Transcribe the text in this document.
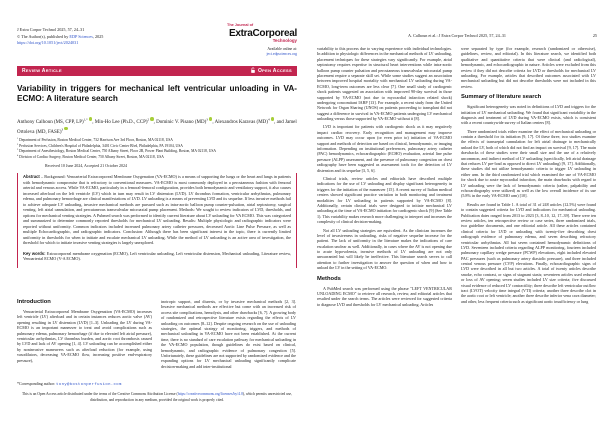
J Extra Corpor Technol 2025, 57, 24–31
© The Author(s), published by EDP Sciences, 2025
https://doi.org/10.1051/ject/2024031
The Journal of
ExtraCorporeal
Technology
Available online at:
ject.edpsciences.org
Review Article	Open Access
Variability in triggers for mechanical left ventricular unloading in VA-ECMO: A literature search
Anthony Calhoun (MS, CPP, LP)$^{1,*}$ , Min-Ho Lee (Ph.D., CCP)$^2$ , Dominic V. Pisano (MD)$^3$ , Alexandros Karavas (MD)$^4$ , and Jamel Ortoleva (MD, FASE)$^3$
$^1$ Department of Perfusion, Boston Medical Center, 732 Harrison Ave 3rd Floor, Boston, MA 02118, USA
$^2$ Perfusion Services, Children's Hospital of Philadelphia, 3401 Civic Center Blvd, Philadelphia, PA 19104, USA
$^3$ Department of Anesthesiology, Boston Medical Center, 750 Albany Street, Floor 2R, Power Plant Building, Boston, MA 02118, USA
$^4$ Division of Cardiac Surgery, Boston Medical Center, 750 Albany Street, Boston, MA 02118, USA
Received 10 June 2024, Accepted 21 October 2024

Abstract – Background: Venoarterial Extracorporeal Membrane Oxygenation (VA-ECMO) is a means of supporting the lungs or the heart and lungs in patients with hemodynamic compromise that is refractory to conventional measures. VA-ECMO is most commonly deployed in a percutaneous fashion with femoral arterial and venous access. While VA-ECMO, particularly in a femoral-femoral configuration, provides both hemodynamic and ventilatory support, it also causes increased afterload on the left ventricle (LV) which in turn may result in LV distension (LVD). LV thrombus formation, ventricular arrhythmias, pulmonary edema, and pulmonary hemorrhage are clinical manifestations of LVD. LV unloading is a means of preventing LVD and its sequelae. If less invasive methods fail to achieve adequate LV unloading, invasive mechanical methods are pursued such as intra-aortic balloon pump counter-pulsation, atrial septostomy, surgical venting, left atrial cannulation, and percutaneous transvalvular microaxial pump placement. Methods: We sought to review indicators of LVD, thresholds, and options for mechanical venting strategies. A Pubmed search was performed to identify current literature about LV unloading for VA ECMO. This was categorized and summarized to determine commonly reported thresholds for mechanical LV unloading. Results: Multiple physiologic and radiographic indicators were reported without uniformity. Common indicators included increased pulmonary artery catheter pressures, decreased Aortic Line Pulse Pressure, as well as multiple Echocardiographic, and radiographic indicators. Conclusion: Although there has been significant interest in the topic, there is currently limited uniformity in thresholds for when to initiate and escalate mechanical LV unloading. While the method of LV unloading is an active area of investigation, the threshold for which to initiate invasive venting strategies is largely unexplored.

Key words: Extracorporeal membrane oxygenation (ECMO), Left ventricular unloading, Left ventricular distension, Mechanical unloading, Literature review, Venoarterial ECMO (V-A ECMO).

Introduction

Venoarterial Extracorporeal Membrane Oxygenation (VA-ECMO) increases left ventricle (LV) afterload and in certain instances reduces aortic valve (AV) opening resulting in LV distension (LVD) [1–3]. Unloading the LV during VA-ECMO is an important maneuver to treat and avoid complications such as pulmonary edema, pulmonary hemorrhage (if due to elevated left atrial pressure), ventricular arrhythmias, LV thrombus burden, and aortic root thrombosis caused by LVD and lack of AV opening [1, 4]. LV unloading can be accomplished either by noninvasive maneuvers such as afterload reduction (for example, using vasodilators, decreasing VA-ECMO flow, increasing positive end-expiratory pressure),

inotropic support, and diuresis, or by invasive mechanical methods [2, 3]. Invasive mechanical methods are effective but come with an increased risk of access site complications, hemolysis, and other drawbacks [6, 7]. A growing body of randomized and retrospective literature exists regarding the effects of LV unloading on outcomes [8–12]. Despite ongoing research on the use of unloading strategies, the optimal strategy of monitoring, triggers, and methods of mechanical unloading in VA-ECMO have not been established. At the current time, there is no standard of care escalation pathway for mechanical unloading in the VA-ECMO population, though guidelines do exist based on clinical, hemodynamic, and radiographic evidence of pulmonary congestion [5]. Unfortunately, these guidelines are not supported by randomized evidence and the expanding options for LV mechanical unloading significantly complicate decision-making and add inter-institutional

*Corresponding author: tony@bostonperfusion.com
This is an Open Access article distributed under the terms of the Creative Commons Attribution License (https://creativecommons.org/licenses/by/4.0), which permits unrestricted use, distribution, and reproduction in any medium, provided the original work is properly cited.
A. Calhoun et al.: J Extra Corpor Technol 2025, 57, 24–31	25

variability to this process due to varying experience with individual technologies. In addition to physiologic differences in the mechanical methods of LV unloading, placement techniques for these strategies vary significantly. For example, atrial septostomy requires expertise in structural heart interventions while intra-aortic balloon pump counter pulsation and percutaneous transvalvular microaxial pump placement require a separate skill set. While some studies suggest an association between improved hospital mortality with mechanical LV unloading during VA-ECMO, long-term outcomes are less clear [7]. One small study of cardiogenic shock patients suggested an association with improved 90-day survival in those supported by VA-ECMO (not due to myocardial infarction related shock) undergoing concomitant IABP [13]. For example, a recent study from the United Network for Organ Sharing (UNOS) on patients proceeding to transplant did not suggest a difference in survival in VA-ECMO patients undergoing LV mechanical unloading versus those supported by VA-ECMO without it [8].

LVD is important for patients with cardiogenic shock as it may negatively impact cardiac recovery. Early recognition and management may improve outcomes. LVD may occur upon (or even prior to) initiation of VA-ECMO support and methods of detection are based on clinical, hemodynamic, or imaging information. Depending on institutional preferences, pulmonary artery catheter (PAC) hemodynamics, echocardiographic (ECHO) evaluation, arterial line pulse pressure (ALPP) assessment, and the presence of pulmonary congestion on chest radiography have been suggested as assessment tools for the detection of LV distension and its sequelae [3, 5, 6].

Clinical trials, review articles and editorials have described multiple indications for the use of LV unloading and display significant heterogeneity in triggers for the initiation of the maneuver [15]. A recent survey of Italian medical centers showed significant practice variation in both monitoring and treatment modalities for LV unloading in patients supported by VA-ECMO [8]. Additionally, certain clinical trials were designed to initiate mechanical LV unloading at the time of VA-ECMO initiation for cardiogenic shock [9] (See Table 1). This variability makes research more challenging to interpret and increases the complexity of clinical decision-making.

Not all LV unloading strategies are equivalent. As the clinician increases the level of invasiveness in unloading, risks of negative sequelae increase for the patient. The lack of uniformity in the literature makes the indications of care escalation unclear as well. Additionally, in cases where the AV is not opening due to acute hypovolemia, invasive methods of LV unloading are not only unwarranted but will likely be ineffective. This literature search serves to call attention to further investigation to answer the question of when and how to unload the LV in the setting of VA-ECMO.

Methods

A PubMed search was performed using the phrase "LEFT VENTRICULAR UNLOADING ECMO" to retrieve all research, review, and editorial articles that resulted under the search terms. The articles were reviewed for suggested criteria to diagnose LVD and thresholds for LV mechanical unloading. Articles

were separated by type (for example, research (randomized or otherwise), guidelines, review, and editorial). In this literature search, we identified both qualitative and quantitative criteria that were clinical (and radiological), hemodynamic, and echocardiographic in nature. Articles were excluded from this review if they did not describe criteria for LVD or thresholds for mechanical LV unloading. For example, articles that described outcomes associated with LV mechanical unloading but did not describe thresholds were not included in this review.

Summary of literature search

Significant heterogeneity was noted in definitions of LVD and triggers for the initiation of LV mechanical unloading. We found that significant variability in the diagnosis and treatment of LVD during VA-ECMO exists, which is consistent with a recent countrywide survey of Italian centers [8].

Three randomized trials either examine the effect of mechanical unloading or contain a threshold for its initiation [9, 17]. Of these three, two studies examine the effects of transseptal cannulation for left atrial drainage to mechanically unload the LV, both of which did not find an impact on survival [9, 17]. The main drawbacks of these studies were their small size and the use of a relatively uncommon, and indirect method of LV unloading (specifically, left atrial drainage that reduces LV pre-load as opposed to direct LV unloading) [9, 17]. Additionally, these studies did not utilize hemodynamic criteria to trigger LV unloading in either arm. In the third randomized trial which examined the use of VA-ECMO for shock due to acute myocardial infarction, the main drawbacks with regard to LV unloading were the lack of hemodynamic criteria (rather, palpability and echocardiography were utilized) as well as the low overall incidence of its use (5.8% in the early VA-ECMO arm) [10].

Results are found in Table 1. A total of 31 of 248 articles (12.5%) were found to contain suggested criteria for LVD and indications for mechanical unloading. Publication dates ranged from 2013 to 2023 [3, 8–10, 12, 17–39]. There were ten review articles, ten retrospective review or case series, three randomized trials, two guideline documents, and one editorial article. All these articles contained clinical criteria for LVD or unloading with twenty-five describing chest radiograph evidence of pulmonary edema, and seven describing refractory ventricular arrhythmias. All but seven contained hemodynamic definitions of LVD. Seventeen included criteria regarding ALPP monitoring, fourteen included pulmonary capillary wedge pressure (PCWP) elevations, eight included elevated PAC pressures (such as pulmonary artery diastolic pressure), and three included central venous pressure (CVP) elevations. Finally, echocardiographic signs of LVD were described in all but two articles. A total of twenty articles describe smoke, echo contrast, or signs of stagnant stasis; seventeen articles used reduced or loss of AV opening; seven studies included LV size criteria; five discussed visual evidence of reduced LV contractility; three describe left ventricular outflow tract (LVOT) velocity time integral (VTI) criteria; another three describe clot in the aortic root or left ventricle; another three describe inferior vena cava diameter; and other, less frequent criteria such as significant aortic insufficiency or lung
